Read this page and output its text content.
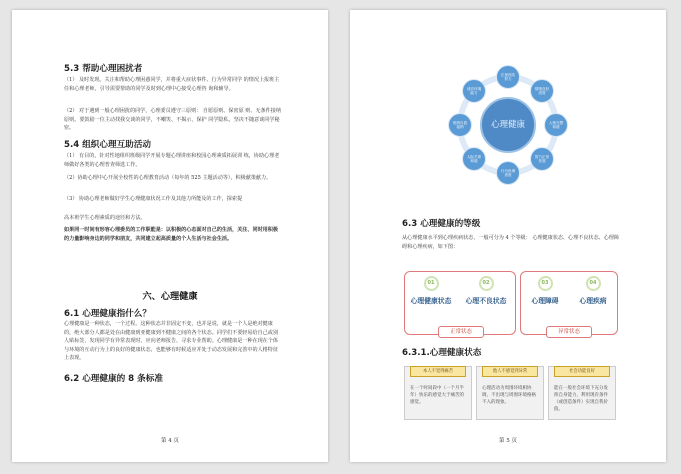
5.3 帮助心理困扰者
（1） 及时发现。关注和帮助心理困惑同学，并将重大症状事件、行为异常同学 的情况上报班主任和心理老师，引导需要帮助的同学及时到心理中心接受心理咨 询和辅导。
（2） 对于遇到一般心理困扰的同学，心理委员遵守三原则： 自愿原则、保密原 则、无条件接纳原则。要鼓励一位主动找我交谈的同学，不嘲笑、不揭示，保护 同学隐私，坚决不随意谈同学秘密。
5.4 组织心理互助活动
（1） 有目的，针对性地组织班级同学开展专题心理讲座和校园心理素质拓展训 练，协助心理老师做好各类的心理普查筛选工作。
（2）协助心理中心开展全校性的心理教育活动（每年的 525 主题活动等），积极献策献力。
（3） 协助心理老师做好学生心理健康状况工作及其他力所能及的工作，探索提
高本班学生心理素质的途径和方法。
如果同一时间有形容心理委员的工作职能是：以积极的心态面对自己的生活，关注、同时用积极的力量影响身边的同学和朋友，共同建立起高质量的个人生活与社会生活。
六、心理健康
6.1 心理健康指什么？
心理健康是一种状态，一个过程。这种状态并非固定不变，也并是说，就是一个人是绝对健康的，绝大部分人都是处在由健康到亚健康到不健康之间的各个状态。同学们不要轻易给自己或别人贴标签，发现同学有异常表现时，应向老师报告，寻求专业帮助。心理健康是一种在现在个体与环境的互动行为上的良好的健康状态，也能够有时候适应并处于动态发展和完善中的人格特征上表现。
6.2 心理健康的 8 条标准
第 4 页
心理健康
正视现实 努力
情绪良好 适度
人格完整 和谐
智力正常 发展
行为协调 适度
人际关系 和谐
悦纳自我 接纳
适应环境 能力
6.3 心理健康的等级
从心理健康水平到心理疾病状态，一般可分为 4 个等级： 心理健康状态、心理不良状态、心理障碍和心理疾病，如下图：
01
心理健康状态
02
心理不良状态
03
心理障碍
04
心理疾病
正常状态	异常状态
6.3.1.心理健康状态
本人不觉得痛苦
在一个时间段中（一个月半年）快乐的感觉大于痛苦的感觉。
他人不感觉到异常
心理活动为周围环境相协调，不出现与周围环境格格不入的现象。
社会功能良好
能在一般社会环境下充分发挥自身能力，利用现有条件（或创造条件）实现自我价值。
第 5 页
